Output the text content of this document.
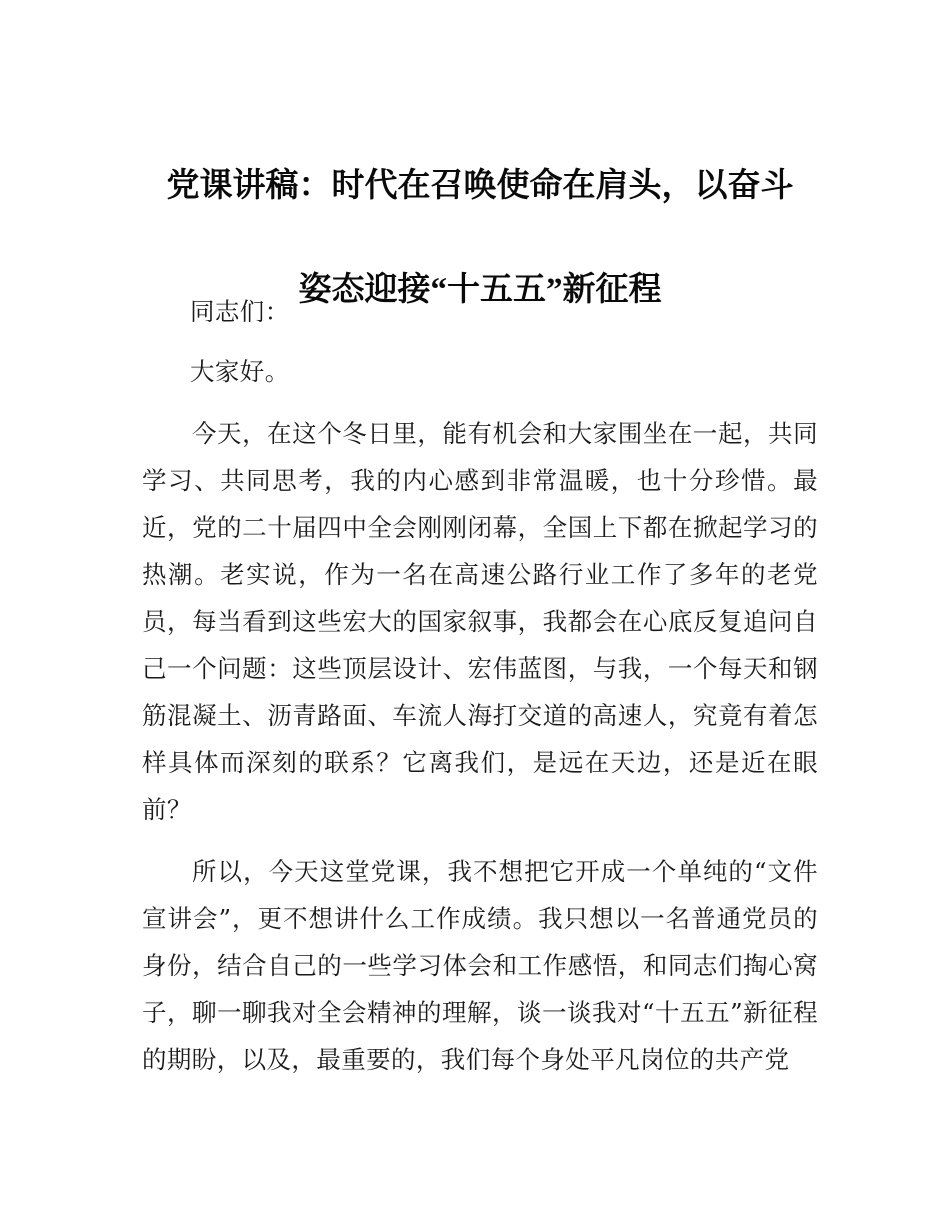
党课讲稿：时代在召唤使命在肩头，以奋斗

姿态迎接“十五五”新征程

同志们：

大家好。

今天，在这个冬日里，能有机会和大家围坐在一起，共同学习、共同思考，我的内心感到非常温暖，也十分珍惜。最近，党的二十届四中全会刚刚闭幕，全国上下都在掀起学习的热潮。老实说，作为一名在高速公路行业工作了多年的老党员，每当看到这些宏大的国家叙事，我都会在心底反复追问自己一个问题：这些顶层设计、宏伟蓝图，与我，一个每天和钢筋混凝土、沥青路面、车流人海打交道的高速人，究竟有着怎样具体而深刻的联系？它离我们，是远在天边，还是近在眼前？

所以，今天这堂党课，我不想把它开成一个单纯的“文件宣讲会”，更不想讲什么工作成绩。我只想以一名普通党员的身份，结合自己的一些学习体会和工作感悟，和同志们掏心窝子，聊一聊我对全会精神的理解，谈一谈我对“十五五”新征程的期盼，以及，最重要的，我们每个身处平凡岗位的共产党
